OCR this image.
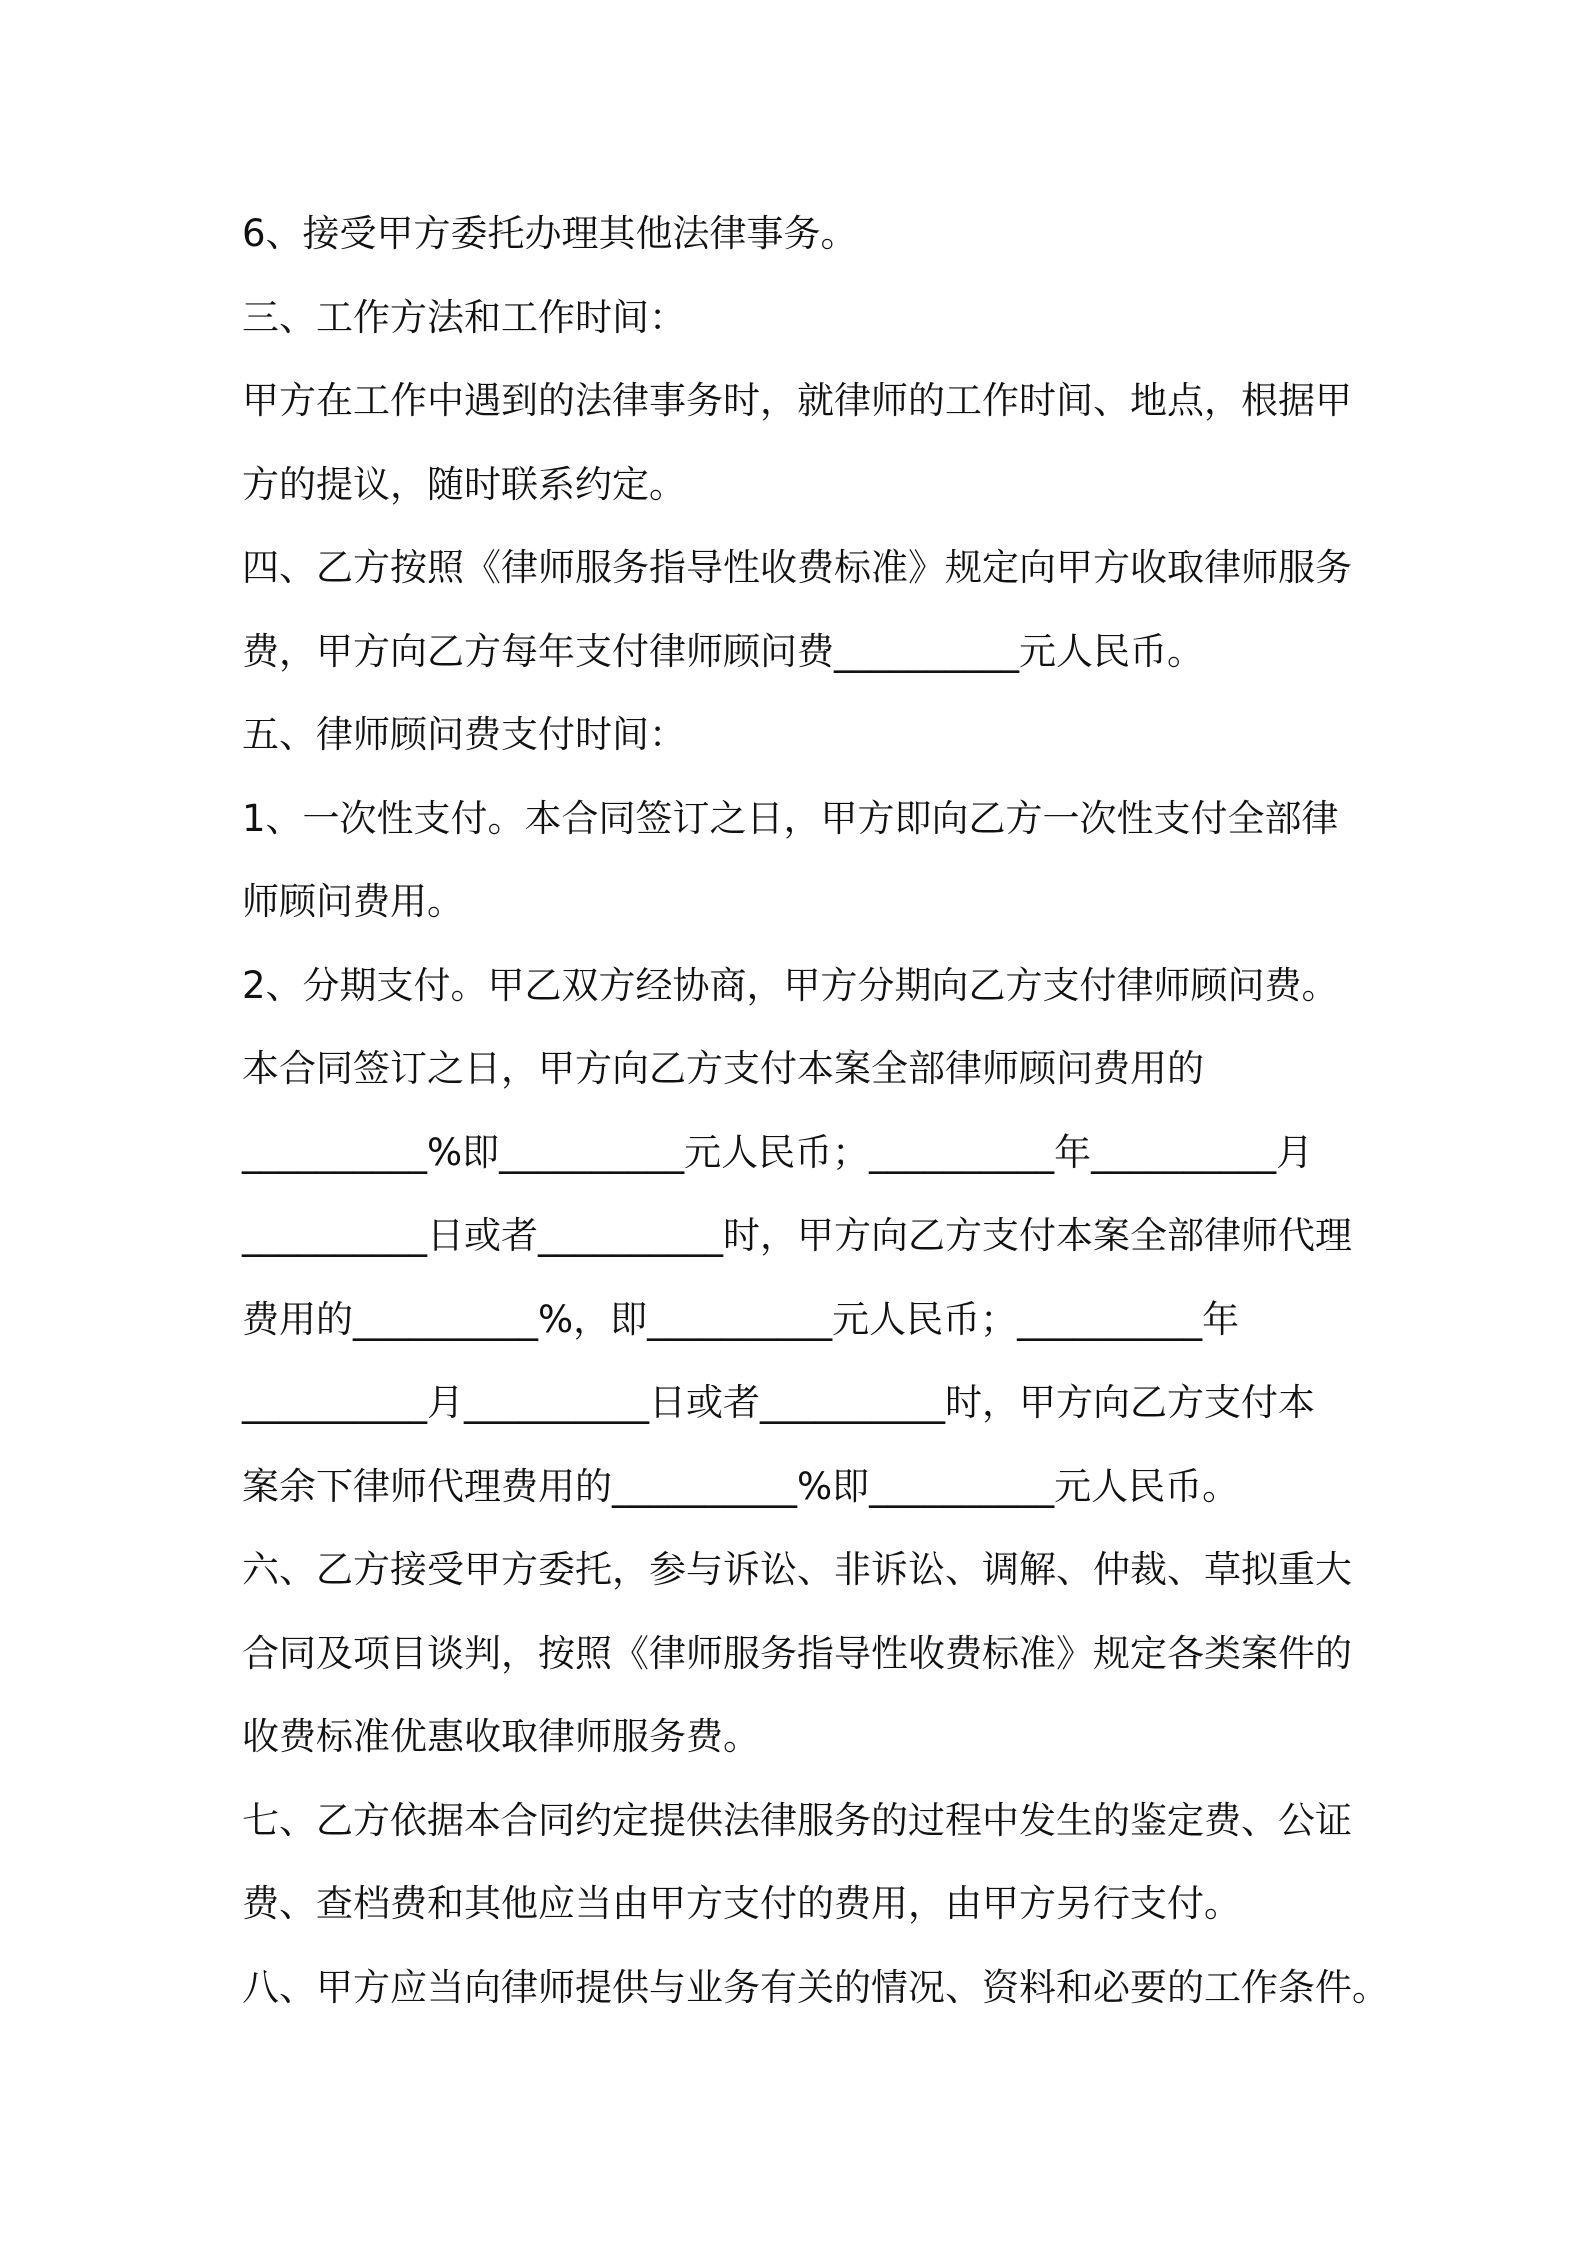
6、接受甲方委托办理其他法律事务。
三、工作方法和工作时间：
甲方在工作中遇到的法律事务时，就律师的工作时间、地点，根据甲
方的提议，随时联系约定。
四、乙方按照《律师服务指导性收费标准》规定向甲方收取律师服务
费，甲方向乙方每年支付律师顾问费__________元人民币。
五、律师顾问费支付时间：
1、一次性支付。本合同签订之日，甲方即向乙方一次性支付全部律
师顾问费用。
2、分期支付。甲乙双方经协商，甲方分期向乙方支付律师顾问费。
本合同签订之日，甲方向乙方支付本案全部律师顾问费用的
__________%即__________元人民币；__________年__________月
__________日或者__________时，甲方向乙方支付本案全部律师代理
费用的__________%，即__________元人民币；__________年
__________月__________日或者__________时，甲方向乙方支付本
案余下律师代理费用的__________%即__________元人民币。
六、乙方接受甲方委托，参与诉讼、非诉讼、调解、仲裁、草拟重大
合同及项目谈判，按照《律师服务指导性收费标准》规定各类案件的
收费标准优惠收取律师服务费。
七、乙方依据本合同约定提供法律服务的过程中发生的鉴定费、公证
费、查档费和其他应当由甲方支付的费用，由甲方另行支付。
八、甲方应当向律师提供与业务有关的情况、资料和必要的工作条件。
